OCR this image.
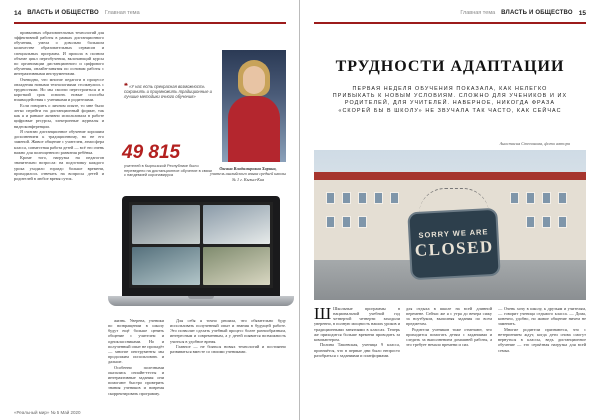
14 ВЛАСТЬ И ОБЩЕСТВО Главная тема

привычных образовательных технологий для эффективной работы в рамках дистанционного обучения, умела о довольно большом количестве образовательных сервисов и специальных программ. И прошла в полном объеме цикл переобучения, вклочающий курсы по организации дистанционного и цифрового обучения, онлайн-занятия по основам работы с интерактивными инструментами.

Очевидно, что многие педагоги в процессе овладения новыми технологиями столкнулись с трудностями. Но мы смогли перестроиться и в короткий срок освоить новые способы взаимодействия с учениками и родителями.

Если говорить о личном опыте, то мне было легко перейти на дистанционный формат, так как я и раньше активно использовала в работе цифровые ресурсы, электронные журналы и видеоконференции.

Я считаю дистанционное обучение хорошим дополнением к традиционному, но не его заменой. Живое общение с учителем, атмосфера класса, совместная работа детей — всё это очень важно для полноценного развития ребёнка.

Кроме того, нагрузка на педагогов значительно возросла: на подготовку каждого урока уходило гораздо больше времени, приходилось отвечать на вопросы детей и родителей в любое время суток.

❝ «У нас есть прекрасная возможность сохранить и приумножить традиционные и лучшие методики очного обучения»
49 815
учителей в Кыргызской Республике было переведено на дистанционное обучение в связи с пандемией коронавируса
Оксана Владимировна Харина,
учитель английского языка средней школы № 1 г. Кызыл-Кия

жизнь. Уверена, ученики по возвращении в школу будут ещё больше ценить общение с учителем и одноклассниками. Но и полученный опыт не пропадёт — многие инструменты мы продолжим использовать и дальше.

Особенно полезными оказались онлайн-тесты и интерактивные задания: они помогают быстро проверить знания учеников и вовремя скорректировать программу.

Для себя я точно решила, что обязательно буду использовать полученный опыт и знания в будущей работе. Это позволит сделать учебный процесс более разнообразным, интересным и современным, а у детей появится возможность учиться в удобное время.

Главное — не бояться новых технологий и постоянно развиваться вместе со своими учениками.

«Реальный мир» № 5 Май 2020
Главная тема ВЛАСТЬ И ОБЩЕСТВО 15
ТРУДНОСТИ АДАПТАЦИИ
ПЕРВАЯ НЕДЕЛЯ ОБУЧЕНИЯ ПОКАЗАЛА, КАК НЕЛЕГКО ПРИВЫКАТЬ К НОВЫМ УСЛОВИЯМ. СЛОЖНО ДЛЯ УЧЕНИКОВ И ИХ РОДИТЕЛЕЙ, ДЛЯ УЧИТЕЛЕЙ. НАВЕРНОЕ, НИКОГДА ФРАЗА «СКОРЕЙ БЫ В ШКОЛУ» НЕ ЗВУЧАЛА ТАК ЧАСТО, КАК СЕЙЧАС
Анастасия Степанова, фото автора
SORRY WE ARE
CLOSED

Ш Школьные программы в национальной учебной год четвертой четверти заходили уверенно, в полную мощность наших уроков и традиционными занятиями в классах. Теперь же приходится больше времени проводить за компьютером.

Полина Ташевская, ученица 9 класса, признаётся, что в первые дни было непросто разобраться с заданиями и платформами.

для отдыха в школе на всей длинной перемене. Сейчас же я с утра до вечера сижу за ноутбуком, выполняя задания по всем предметам.

Родители учеников тоже отмечают, что приходится помогать детям с заданиями и следить за выполнением домашней работы, а это требует немало времени и сил.

— Очень хочу в школу, к друзьям и учителям, — говорит ученица седьмого класса. — Дома, конечно, удобно, но живое общение ничем не заменить.

Многие родители признаются, что с нетерпением ждут, когда дети снова смогут вернуться в классы, ведь дистанционное обучение — это серьёзная нагрузка для всей семьи.
